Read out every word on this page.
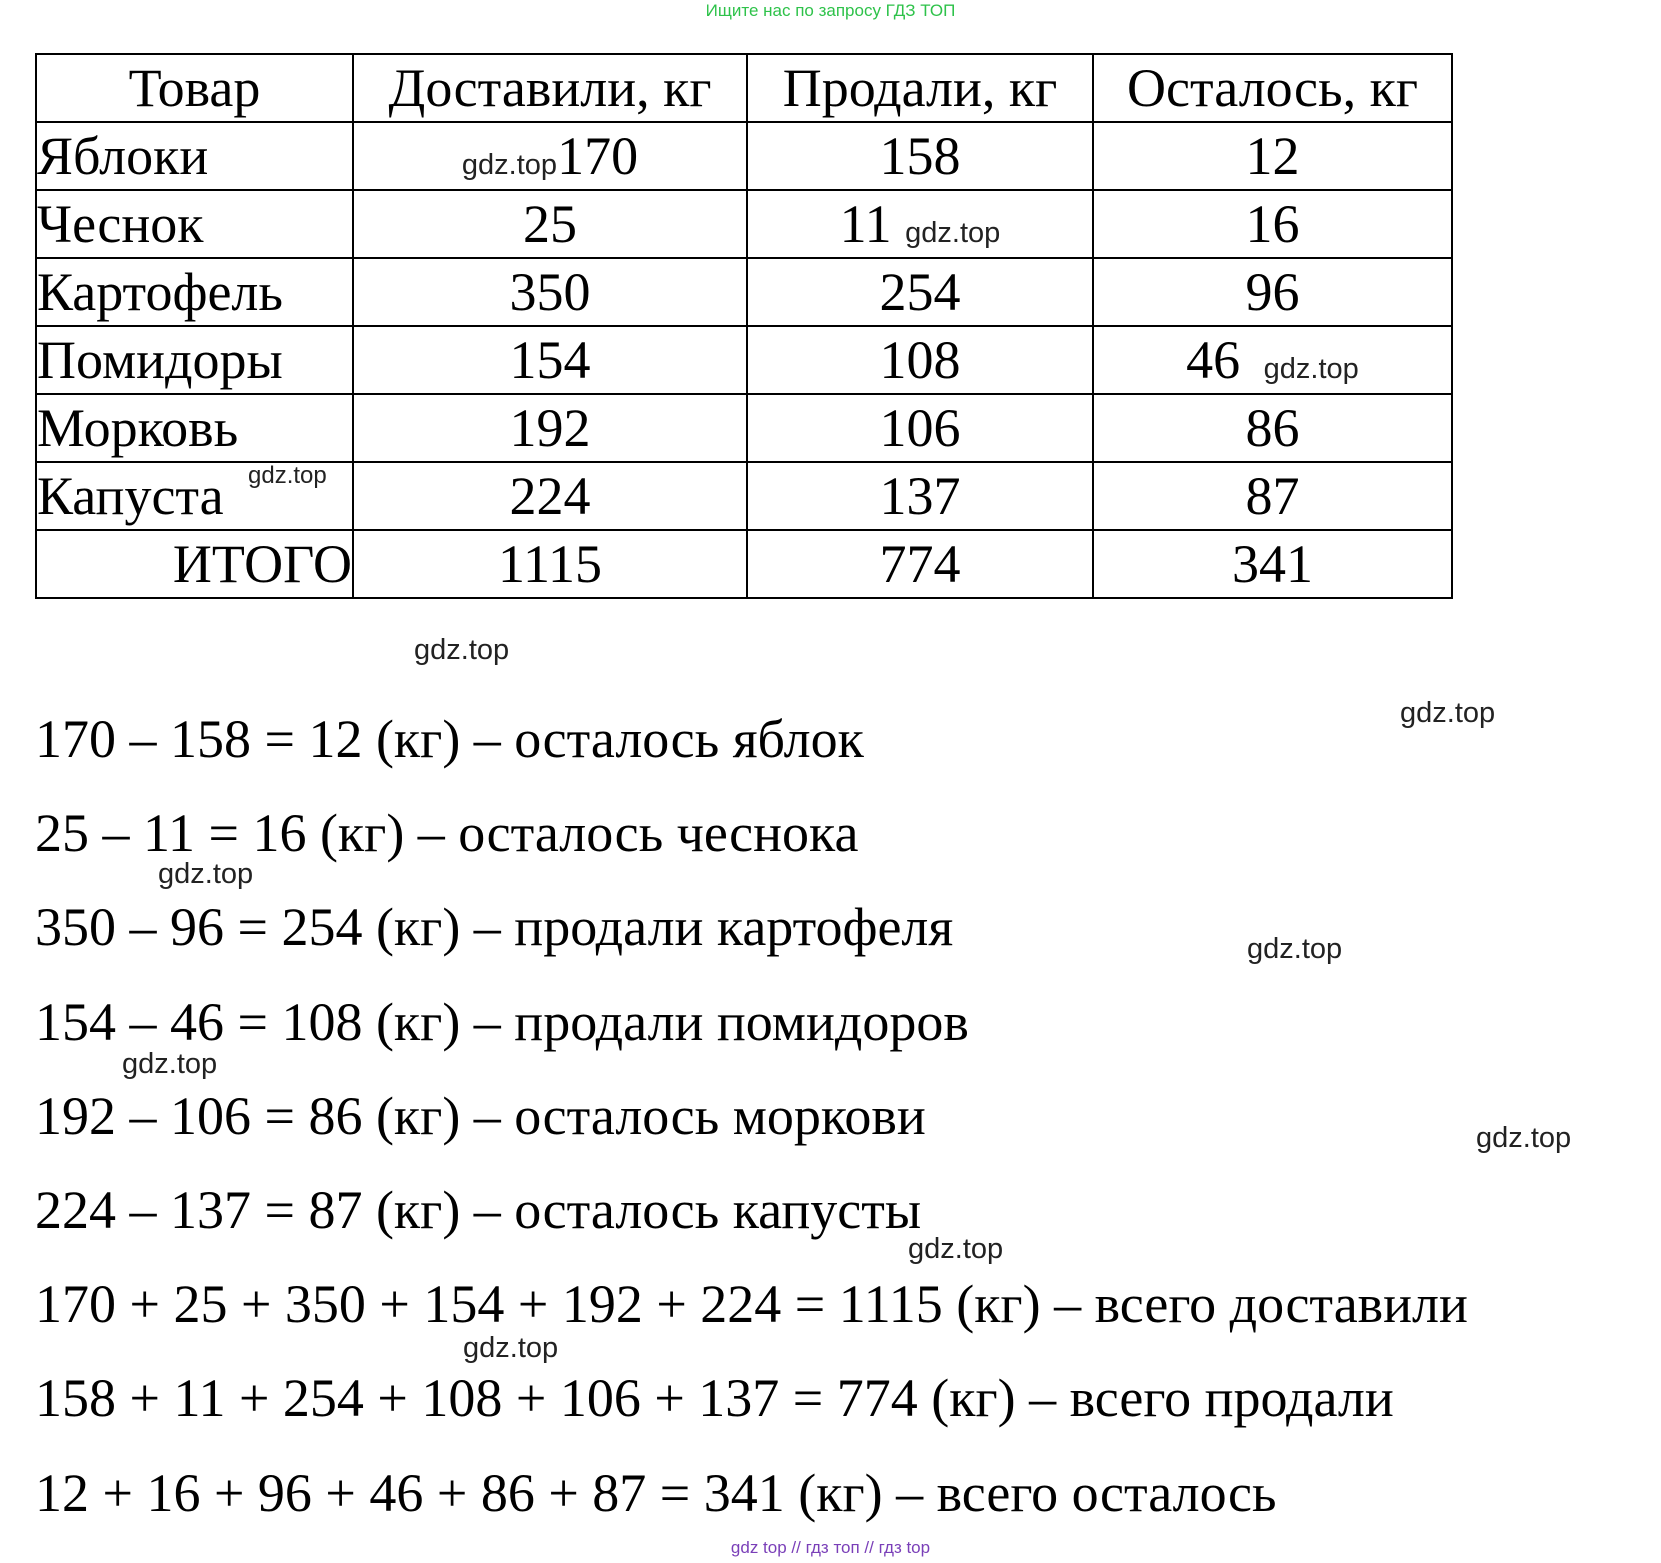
Ищите нас по запросу ГДЗ ТОП
Товар	Доставили, кг	Продали, кг	Осталось, кг
Яблоки	gdz.top170	158	12
Чеснок	25	11 gdz.top	16
Картофель	350	254	96
Помидоры	154	108	46 gdz.top
Морковь	192	106	86
Капуста	224	137	87
ИТОГО	1115	774	341
gdz.top
gdz.top
gdz.top
gdz.top
gdz.top
gdz.top
gdz.top
gdz.top
gdz.top
170 – 158 = 12 (кг) – осталось яблок
25 – 11 = 16 (кг) – осталось чеснока
350 – 96 = 254 (кг) – продали картофеля
154 – 46 = 108 (кг) – продали помидоров
192 – 106 = 86 (кг) – осталось моркови
224 – 137 = 87 (кг) – осталось капусты
170 + 25 + 350 + 154 + 192 + 224 = 1115 (кг) – всего доставили
158 + 11 + 254 + 108 + 106 + 137 = 774 (кг) – всего продали
12 + 16 + 96 + 46 + 86 + 87 = 341 (кг) – всего осталось
gdz top // гдз топ // гдз top
